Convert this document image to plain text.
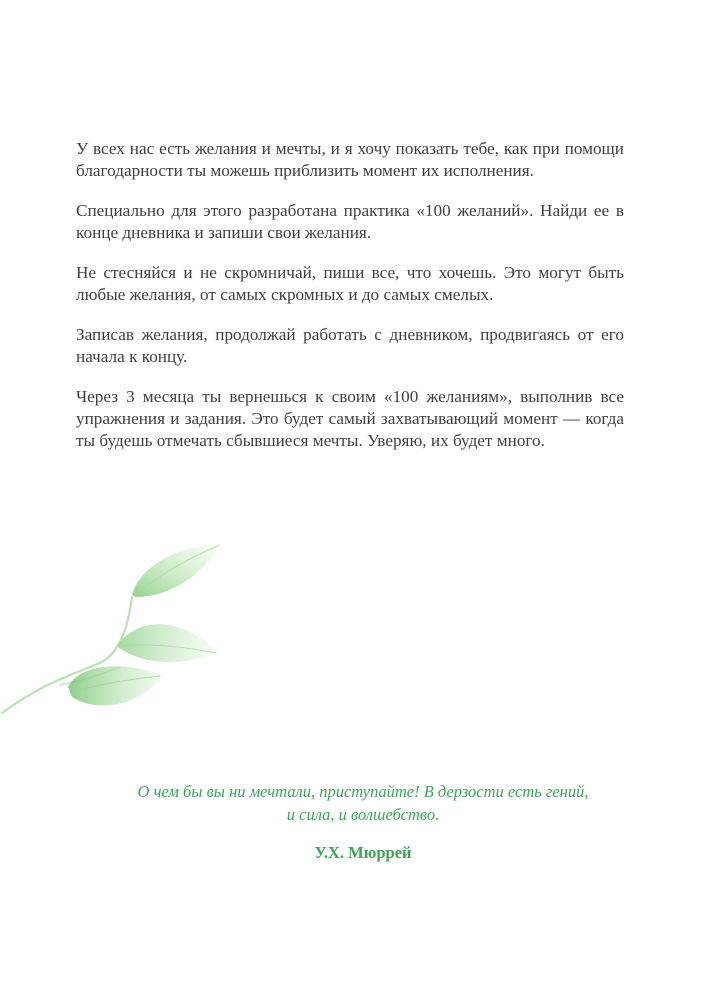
У всех нас есть желания и мечты, и я хочу показать тебе, как при помощи благодарности ты можешь приблизить момент их исполнения.

Специально для этого разработана практика «100 желаний». Найди ее в конце дневника и запиши свои желания.

Не стесняйся и не скромничай, пиши все, что хочешь. Это могут быть любые желания, от самых скромных и до самых смелых.

Записав желания, продолжай работать с дневником, продвигаясь от его начала к концу.

Через 3 месяца ты вернешься к своим «100 желаниям», выполнив все упражнения и задания. Это будет самый захватывающий момент — когда ты будешь отмечать сбывшиеся мечты. Уверяю, их будет много.

О чем бы вы ни мечтали, приступайте! В дерзости есть гений,
и сила, и волшебство.

У.Х. Мюррей
